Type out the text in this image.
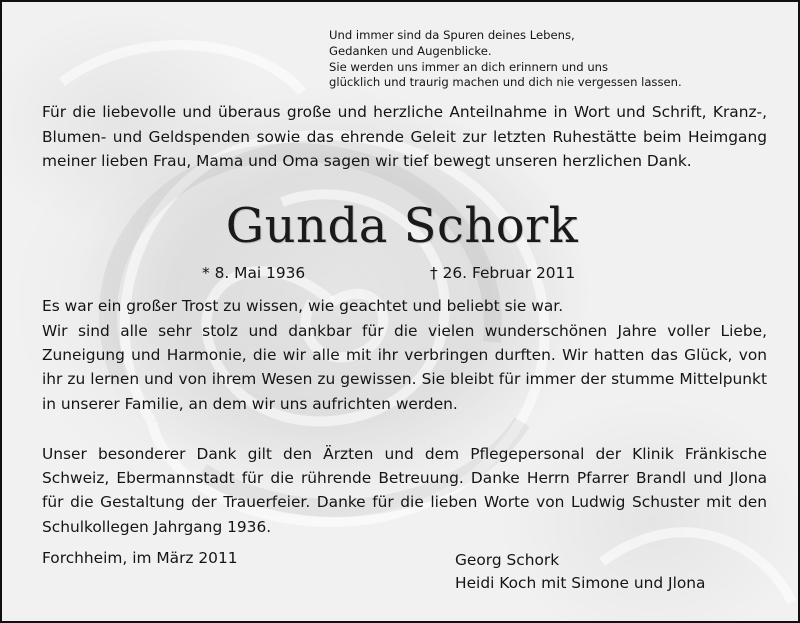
Und immer sind da Spuren deines Lebens,
Gedanken und Augenblicke.
Sie werden uns immer an dich erinnern und uns
glücklich und traurig machen und dich nie vergessen lassen.
Für die liebevolle und überaus große und herzliche Anteilnahme in Wort und Schrift, Kranz-, Blumen- und Geldspenden sowie das ehrende Geleit zur letzten Ruhestätte beim Heimgang meiner lieben Frau, Mama und Oma sagen wir tief bewegt unseren herzlichen Dank.
Gunda Schork
* 8. Mai 1936	† 26. Februar 2011
Es war ein großer Trost zu wissen, wie geachtet und beliebt sie war.
Wir sind alle sehr stolz und dankbar für die vielen wunderschönen Jahre voller Liebe, Zuneigung und Harmonie, die wir alle mit ihr verbringen durften. Wir hatten das Glück, von ihr zu lernen und von ihrem Wesen zu gewissen. Sie bleibt für immer der stumme Mittelpunkt in unserer Familie, an dem wir uns aufrichten werden.
Unser besonderer Dank gilt den Ärzten und dem Pflegepersonal der Klinik Fränkische Schweiz, Ebermannstadt für die rührende Betreuung. Danke Herrn Pfarrer Brandl und Jlona für die Gestaltung der Trauerfeier. Danke für die lieben Worte von Ludwig Schuster mit den Schulkollegen Jahrgang 1936.
Forchheim, im März 2011	Georg Schork
Heidi Koch mit Simone und Jlona
